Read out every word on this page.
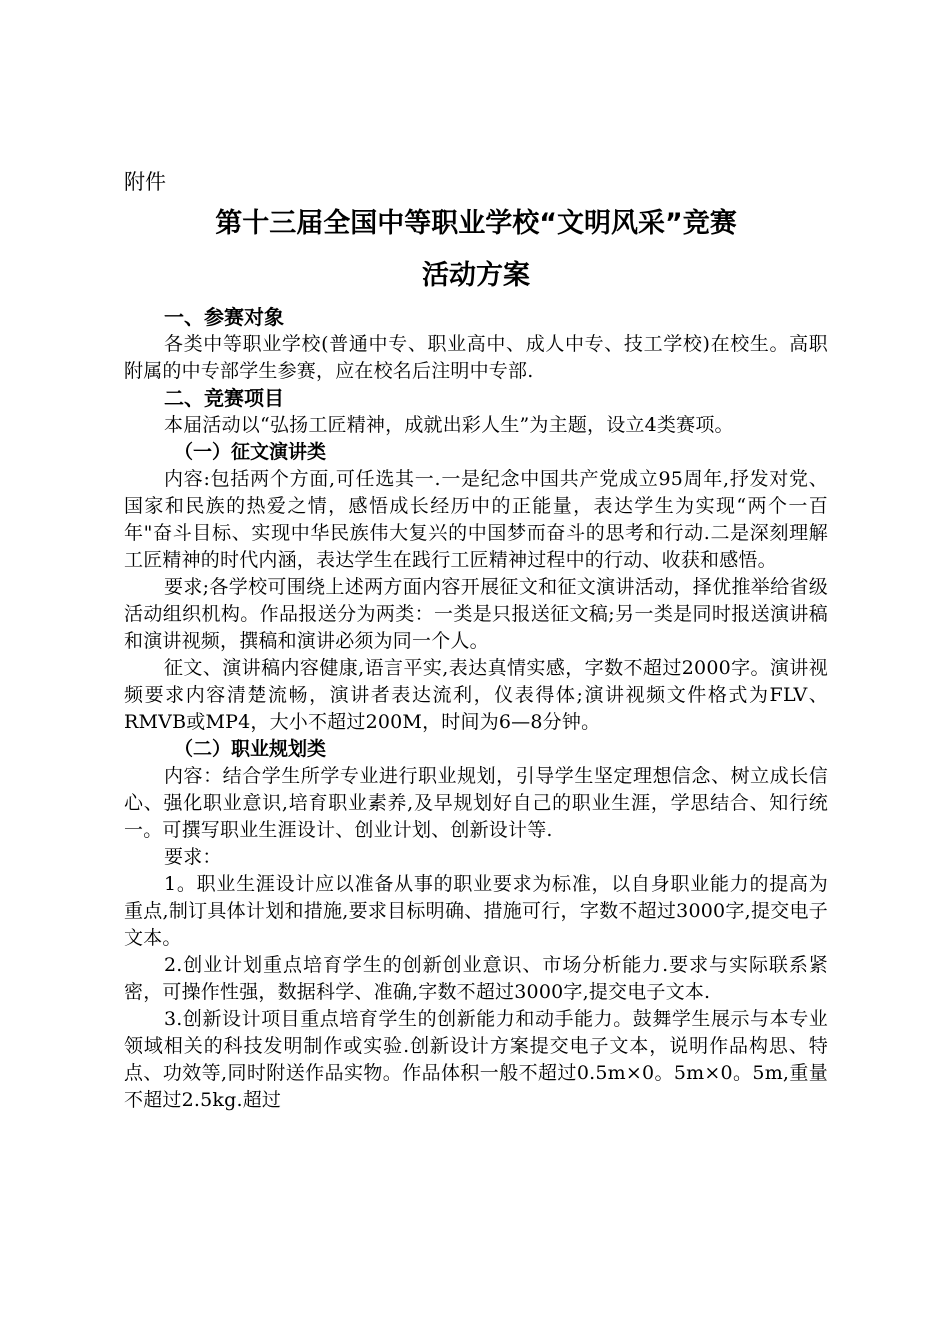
附件
第十三届全国中等职业学校“文明风采”竞赛
活动方案
一、参赛对象

各类中等职业学校(普通中专、职业高中、成人中专、技工学校)在校生。高职附属的中专部学生参赛，应在校名后注明中专部.

二、竞赛项目

本届活动以“弘扬工匠精神，成就出彩人生”为主题，设立4类赛项。

（一）征文演讲类

内容:包括两个方面,可任选其一.一是纪念中国共产党成立95周年,抒发对党、国家和民族的热爱之情，感悟成长经历中的正能量，表达学生为实现“两个一百年"奋斗目标、实现中华民族伟大复兴的中国梦而奋斗的思考和行动.二是深刻理解工匠精神的时代内涵，表达学生在践行工匠精神过程中的行动、收获和感悟。

要求;各学校可围绕上述两方面内容开展征文和征文演讲活动，择优推举给省级活动组织机构。作品报送分为两类：一类是只报送征文稿;另一类是同时报送演讲稿和演讲视频，撰稿和演讲必须为同一个人。

征文、演讲稿内容健康,语言平实,表达真情实感，字数不超过2000字。演讲视频要求内容清楚流畅，演讲者表达流利，仪表得体;演讲视频文件格式为FLV、RMVB或MP4，大小不超过200M，时间为6—8分钟。

（二）职业规划类

内容：结合学生所学专业进行职业规划，引导学生坚定理想信念、树立成长信心、强化职业意识,培育职业素养,及早规划好自己的职业生涯，学思结合、知行统一。可撰写职业生涯设计、创业计划、创新设计等.

要求：

1。职业生涯设计应以准备从事的职业要求为标准，以自身职业能力的提高为重点,制订具体计划和措施,要求目标明确、措施可行，字数不超过3000字,提交电子文本。

2.创业计划重点培育学生的创新创业意识、市场分析能力.要求与实际联系紧密，可操作性强，数据科学、准确,字数不超过3000字,提交电子文本.

3.创新设计项目重点培育学生的创新能力和动手能力。鼓舞学生展示与本专业领域相关的科技发明制作或实验.创新设计方案提交电子文本，说明作品构思、特点、功效等,同时附送作品实物。作品体积一般不超过0.5m×0。5m×0。5m,重量不超过2.5kg.超过
